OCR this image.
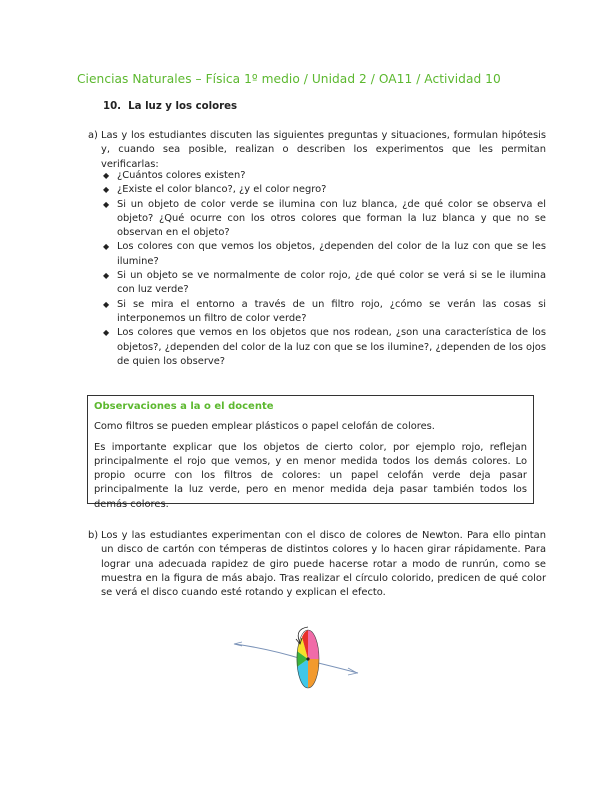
Ciencias Naturales – Física 1º medio / Unidad 2 / OA11 / Actividad 10
10. La luz y los colores
a) Las y los estudiantes discuten las siguientes preguntas y situaciones, formulan hipótesis y, cuando sea posible, realizan o describen los experimentos que les permitan verificarlas:
◆ ¿Cuántos colores existen?
◆ ¿Existe el color blanco?, ¿y el color negro?
◆ Si un objeto de color verde se ilumina con luz blanca, ¿de qué color se observa el objeto? ¿Qué ocurre con los otros colores que forman la luz blanca y que no se observan en el objeto?
◆ Los colores con que vemos los objetos, ¿dependen del color de la luz con que se les ilumine?
◆ Si un objeto se ve normalmente de color rojo, ¿de qué color se verá si se le ilumina con luz verde?
◆ Si se mira el entorno a través de un filtro rojo, ¿cómo se verán las cosas si interponemos un filtro de color verde?
◆ Los colores que vemos en los objetos que nos rodean, ¿son una característica de los objetos?, ¿dependen del color de la luz con que se los ilumine?, ¿dependen de los ojos de quien los observe?
Observaciones a la o el docente

Como filtros se pueden emplear plásticos o papel celofán de colores.

Es importante explicar que los objetos de cierto color, por ejemplo rojo, reflejan principalmente el rojo que vemos, y en menor medida todos los demás colores. Lo propio ocurre con los filtros de colores: un papel celofán verde deja pasar principalmente la luz verde, pero en menor medida deja pasar también todos los demás colores.

b) Los y las estudiantes experimentan con el disco de colores de Newton. Para ello pintan un disco de cartón con témperas de distintos colores y lo hacen girar rápidamente. Para lograr una adecuada rapidez de giro puede hacerse rotar a modo de runrún, como se muestra en la figura de más abajo. Tras realizar el círculo colorido, predicen de qué color se verá el disco cuando esté rotando y explican el efecto.
